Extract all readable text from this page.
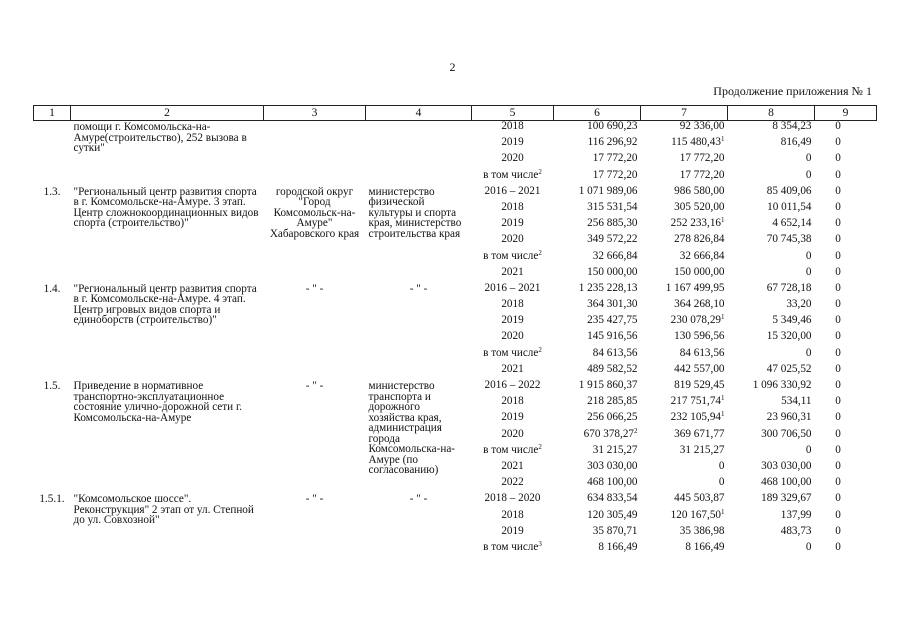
2
Продолжение приложения № 1
1	2	3	4	5	6	7	8	9
	помощи г. Комсомольска-на-Амуре(строительство), 252 вызова в сутки"			2018	100 690,23	92 336,00	8 354,23	0
				2019	116 296,92	115 480,43$^1$	816,49	0
				2020	17 772,20	17 772,20	0	0
				в том числе$^2$	17 772,20	17 772,20	0	0
1.3.	"Региональный центр развития спорта в г. Комсомольске-на-Амуре. 3 этап. Центр сложнокоординационных видов спорта (строительство)"	городской округ "Город Комсомольск-на-Амуре" Хабаровского края	министерство физической культуры и спорта края, министерство строительства края	2016 – 2021	1 071 989,06	986 580,00	85 409,06	0
				2018	315 531,54	305 520,00	10 011,54	0
				2019	256 885,30	252 233,16$^1$	4 652,14	0
				2020	349 572,22	278 826,84	70 745,38	0
				в том числе$^2$	32 666,84	32 666,84	0	0
				2021	150 000,00	150 000,00	0	0
1.4.	"Региональный центр развития спорта в г. Комсомольске-на-Амуре. 4 этап. Центр игровых видов спорта и единоборств (строительство)"	- " -	- " -	2016 – 2021	1 235 228,13	1 167 499,95	67 728,18	0
				2018	364 301,30	364 268,10	33,20	0
				2019	235 427,75	230 078,29$^1$	5 349,46	0
				2020	145 916,56	130 596,56	15 320,00	0
				в том числе$^2$	84 613,56	84 613,56	0	0
				2021	489 582,52	442 557,00	47 025,52	0
1.5.	Приведение в нормативное транспортно-эксплуатационное состояние улично-дорожной сети г. Комсомольска-на-Амуре	- " -	министерство транспорта и дорожного хозяйства края, администрация города Комсомольска-на-Амуре (по согласованию)	2016 – 2022	1 915 860,37	819 529,45	1 096 330,92	0
				2018	218 285,85	217 751,74$^1$	534,11	0
				2019	256 066,25	232 105,94$^1$	23 960,31	0
				2020	670 378,27$^2$	369 671,77	300 706,50	0
				в том числе$^2$	31 215,27	31 215,27	0	0
				2021	303 030,00	0	303 030,00	0
				2022	468 100,00	0	468 100,00	0
1.5.1.	"Комсомольское шоссе". Реконструкция" 2 этап от ул. Степной до ул. Совхозной"	- " -	- " -	2018 – 2020	634 833,54	445 503,87	189 329,67	0
				2018	120 305,49	120 167,50$^1$	137,99	0
				2019	35 870,71	35 386,98	483,73	0
				в том числе$^3$	8 166,49	8 166,49	0	0
